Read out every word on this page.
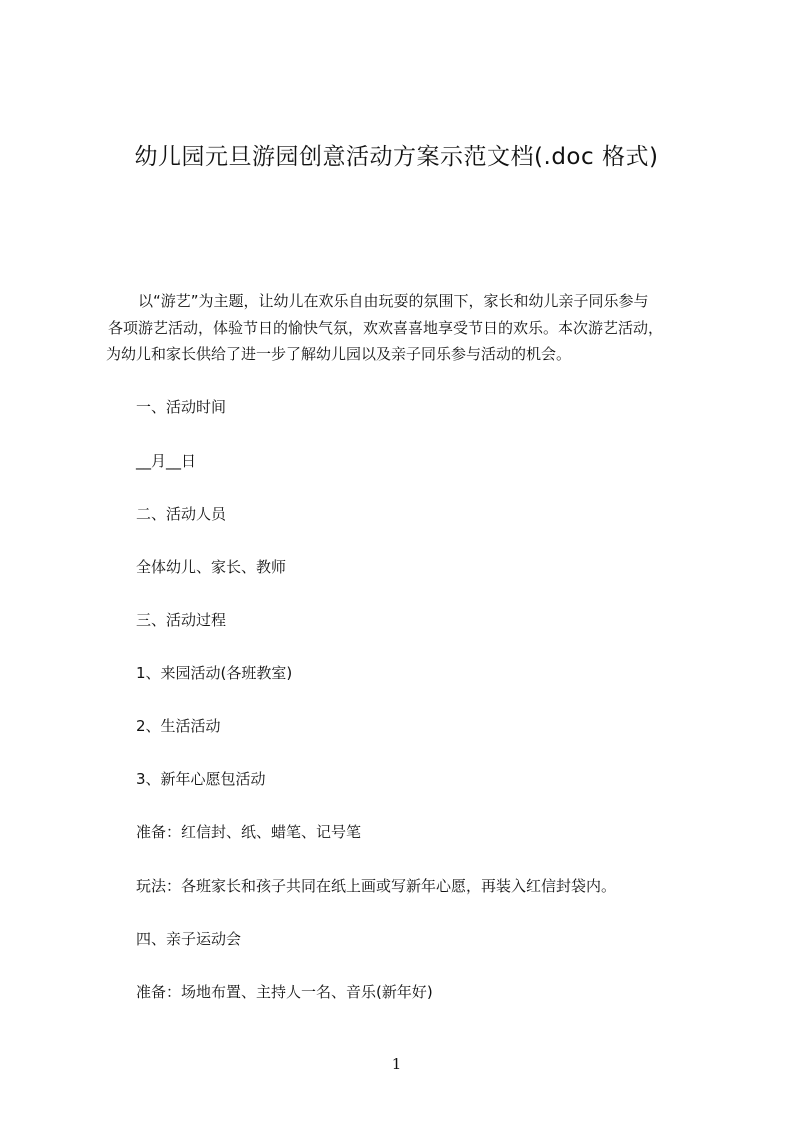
幼儿园元旦游园创意活动方案示范文档(.doc 格式)

以“游艺”为主题，让幼儿在欢乐自由玩耍的氛围下，家长和幼儿亲子同乐参与
各项游艺活动，体验节日的愉快气氛，欢欢喜喜地享受节日的欢乐。本次游艺活动，
为幼儿和家长供给了进一步了解幼儿园以及亲子同乐参与活动的机会。

一、活动时间

__月__日

二、活动人员

全体幼儿、家长、教师

三、活动过程

1、来园活动(各班教室)

2、生活活动

3、新年心愿包活动

准备：红信封、纸、蜡笔、记号笔

玩法：各班家长和孩子共同在纸上画或写新年心愿，再装入红信封袋内。

四、亲子运动会

准备：场地布置、主持人一名、音乐(新年好)

1
